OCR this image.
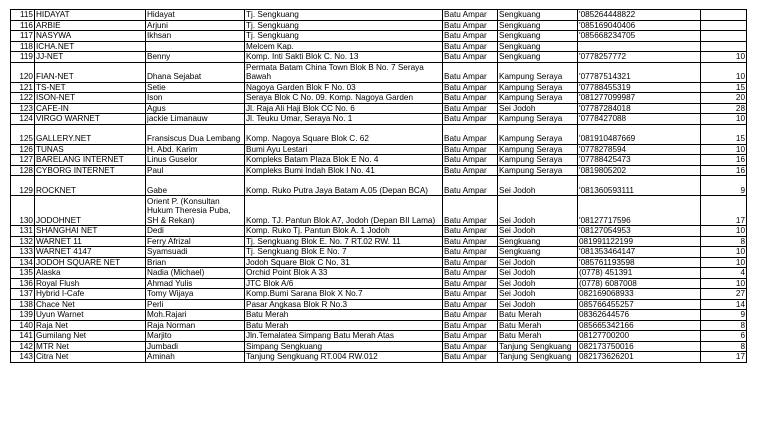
115	HIDAYAT	Hidayat	Tj. Sengkuang	Batu Ampar	Sengkuang	'085264448822	
116	ARBIE	Arjuni	Tj. Sengkuang	Batu Ampar	Sengkuang	'085169040406	
117	NASYWA	Ikhsan	Tj. Sengkuang	Batu Ampar	Sengkuang	'085668234705	
118	ICHA.NET		Melcem Kap.	Batu Ampar	Sengkuang		
119	JJ-NET	Benny	Komp. Inti Sakti Blok C. No. 13	Batu Ampar	Sengkuang	'0778257772	10
120	FIAN-NET	Dhana Sejabat	Permata Batam China Town Blok B No. 7 Seraya Bawah	Batu Ampar	Kampung Seraya	'07787514321	10
121	TS-NET	Setie	Nagoya Garden Blok F No. 03	Batu Ampar	Kampung Seraya	'07788455319	15
122	ISON-NET	Ison	Seraya Blok C No. 09. Komp. Nagoya Garden	Batu Ampar	Kampung Seraya	'081277099987	20
123	CAFE-IN	Agus	Jl. Raja Ali Haji Blok CC No. 6	Batu Ampar	Sei Jodoh	'07787284018	28
124	VIRGO WARNET	jackie Limanauw	Jl. Teuku Umar, Seraya No. 1	Batu Ampar	Kampung Seraya	'0778427088	10
125	GALLERY.NET	Fransiscus Dua Lembang	Komp. Nagoya Square Blok C. 62	Batu Ampar	Kampung Seraya	'081910487669	15
126	TUNAS	H. Abd. Karim	Bumi Ayu Lestari	Batu Ampar	Kampung Seraya	'0778278594	10
127	BARELANG INTERNET	Linus Guselor	Kompleks Batam Plaza Blok E No. 4	Batu Ampar	Kampung Seraya	'07788425473	16
128	CYBORG INTERNET	Paul	Kompleks Bumi Indah Blok I No. 41	Batu Ampar	Kampung Seraya	'0819805202	16
129	ROCKNET	Gabe	Komp. Ruko Putra Jaya Batam A.05 (Depan BCA)	Batu Ampar	Sei Jodoh	'081360593111	9
130	JODOHNET	Orient P. (Konsultan Hukum Theresia Puba, SH & Rekan)	Komp. TJ. Pantun Blok A7, Jodoh (Depan BII Lama)	Batu Ampar	Sei Jodoh	'08127717596	17
131	SHANGHAI NET	Dedi	Komp. Ruko Tj. Pantun Blok A. 1 Jodoh	Batu Ampar	Sei Jodoh	'08127054953	10
132	WARNET 11	Ferry Afrizal	Tj. Sengkuang Blok E. No. 7 RT.02 RW. 11	Batu Ampar	Sengkuang	081991122199	8
133	WARNET 4147	Syamsuadi	Tj. Sengkuang Blok E No. 7	Batu Ampar	Sengkuang	'081353464147	10
134	JODOH SQUARE NET	Brian	Jodoh Square Blok C No. 31	Batu Ampar	Sei Jodoh	'085761193598	10
135	Alaska	Nadia (Michael)	Orchid Point Blok A 33	Batu Ampar	Sei Jodoh	(0778) 451391	4
136	Royal Flush	Ahmad Yulis	JTC Blok A/6	Batu Ampar	Sei Jodoh	(0778) 6087008	10
137	Hybrid I-Cafe	Tomy Wijaya	Komp.Bumi Sarana Blok X No.7	Batu Ampar	Sei Jodoh	082169068933	27
138	Chace Net	Perli	Pasar Angkasa Blok R No.3	Batu Ampar	Sei Jodoh	085766455257	14
139	Uyun Warnet	Moh.Rajari	Batu Merah	Batu Ampar	Batu Merah	08362644576	9
140	Raja Net	Raja Norman	Batu Merah	Batu Ampar	Batu Merah	085665342166	8
141	Gumilang Net	Marjito	Jln.Temalatea Simpang Batu Merah Atas	Batu Ampar	Batu Merah	08127700200	6
142	MTR Net	Jumbadi	Simpang Sengkuang	Batu Ampar	Tanjung Sengkuang	082173750016	8
143	Citra Net	Aminah	Tanjung Sengkuang RT.004 RW.012	Batu Ampar	Tanjung Sengkuang	082173626201	17
